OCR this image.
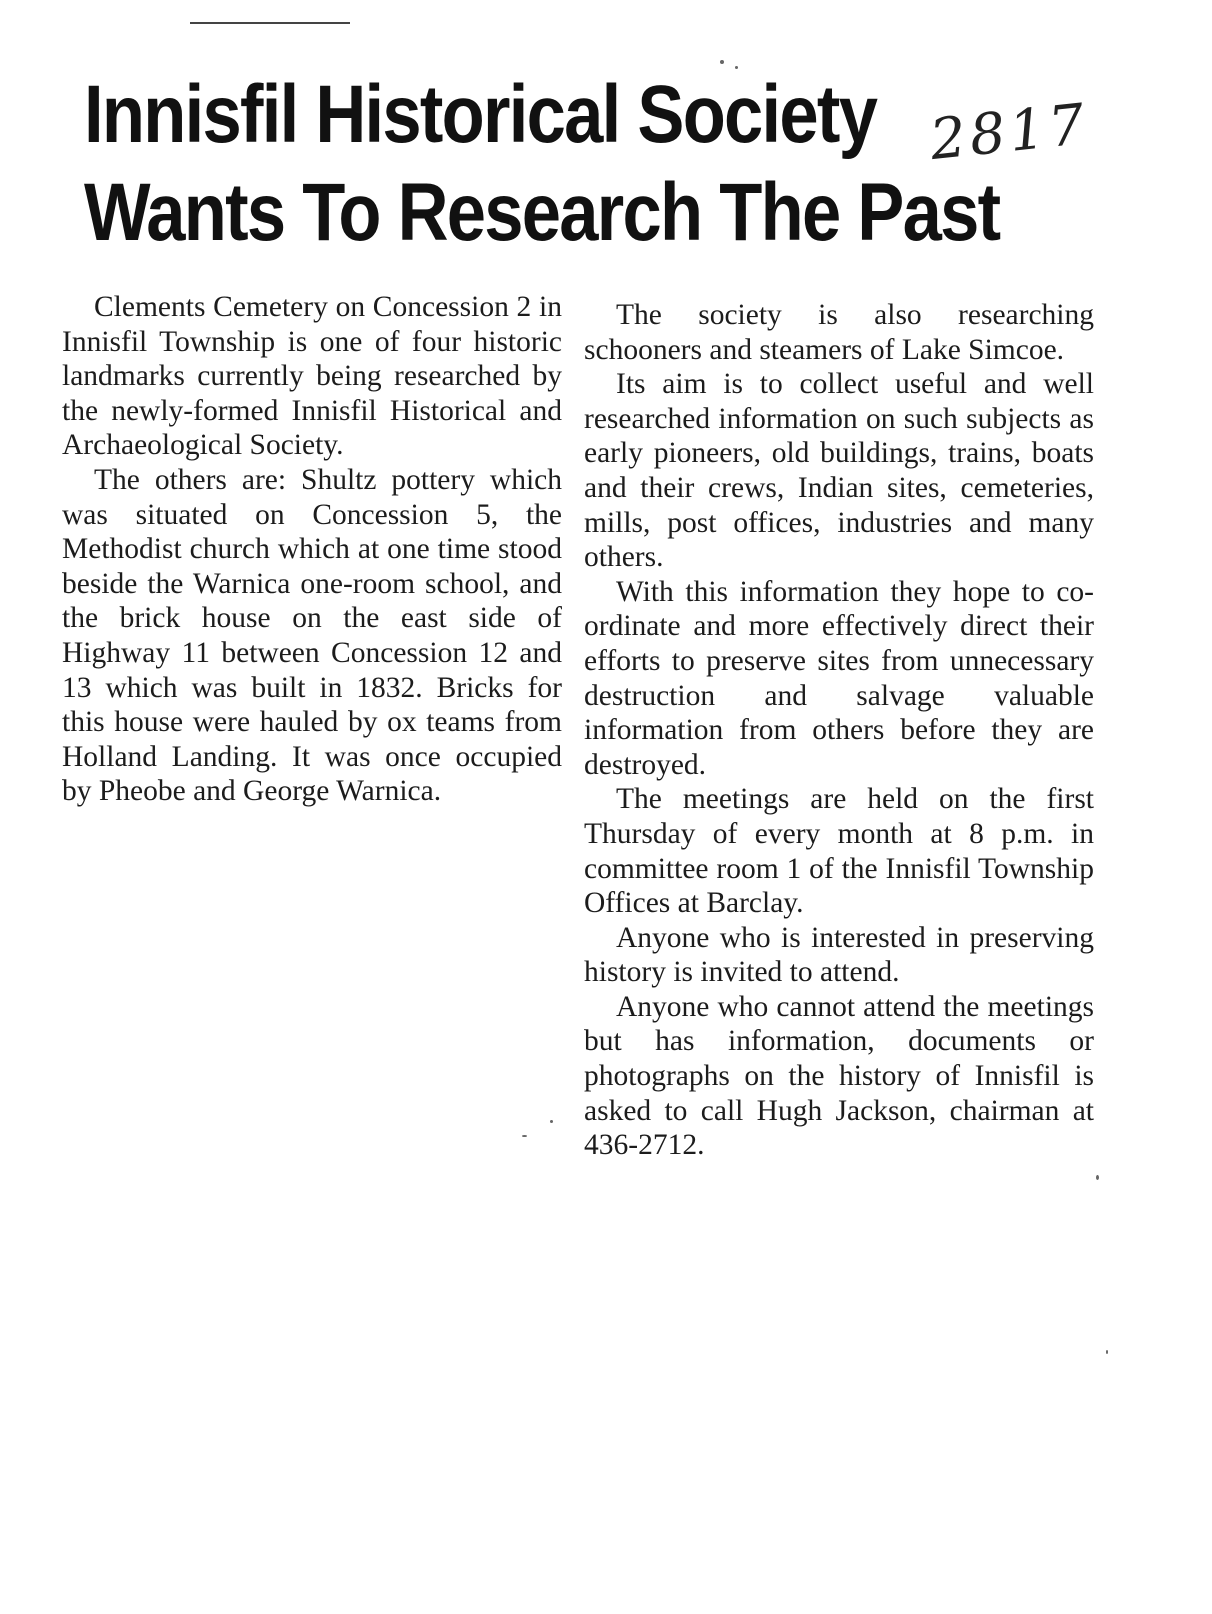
Innisfil Historical Society
Wants To Research The Past
2817

Clements Cemetery on Concession 2 in Innisfil Township is one of four historic landmarks currently being researched by the newly-formed Innisfil Historical and Archaeological Society.

The others are: Shultz pottery which was situated on Concession 5, the Methodist church which at one time stood beside the Warnica one-room school, and the brick house on the east side of Highway 11 between Concession 12 and 13 which was built in 1832. Bricks for this house were hauled by ox teams from Holland Landing. It was once occupied by Pheobe and George Warnica.

The society is also researching schooners and steamers of Lake Simcoe.

Its aim is to collect useful and well researched information on such subjects as early pioneers, old buildings, trains, boats and their crews, Indian sites, cemeteries, mills, post offices, industries and many others.

With this information they hope to co-ordinate and more effectively direct their efforts to preserve sites from unnecessary destruction and salvage valuable information from others before they are destroyed.

The meetings are held on the first Thursday of every month at 8 p.m. in committee room 1 of the Innisfil Township Offices at Barclay.

Anyone who is interested in preserving history is invited to attend.

Anyone who cannot attend the meetings but has information, documents or photographs on the history of Innisfil is asked to call Hugh Jackson, chairman at 436-2712.
